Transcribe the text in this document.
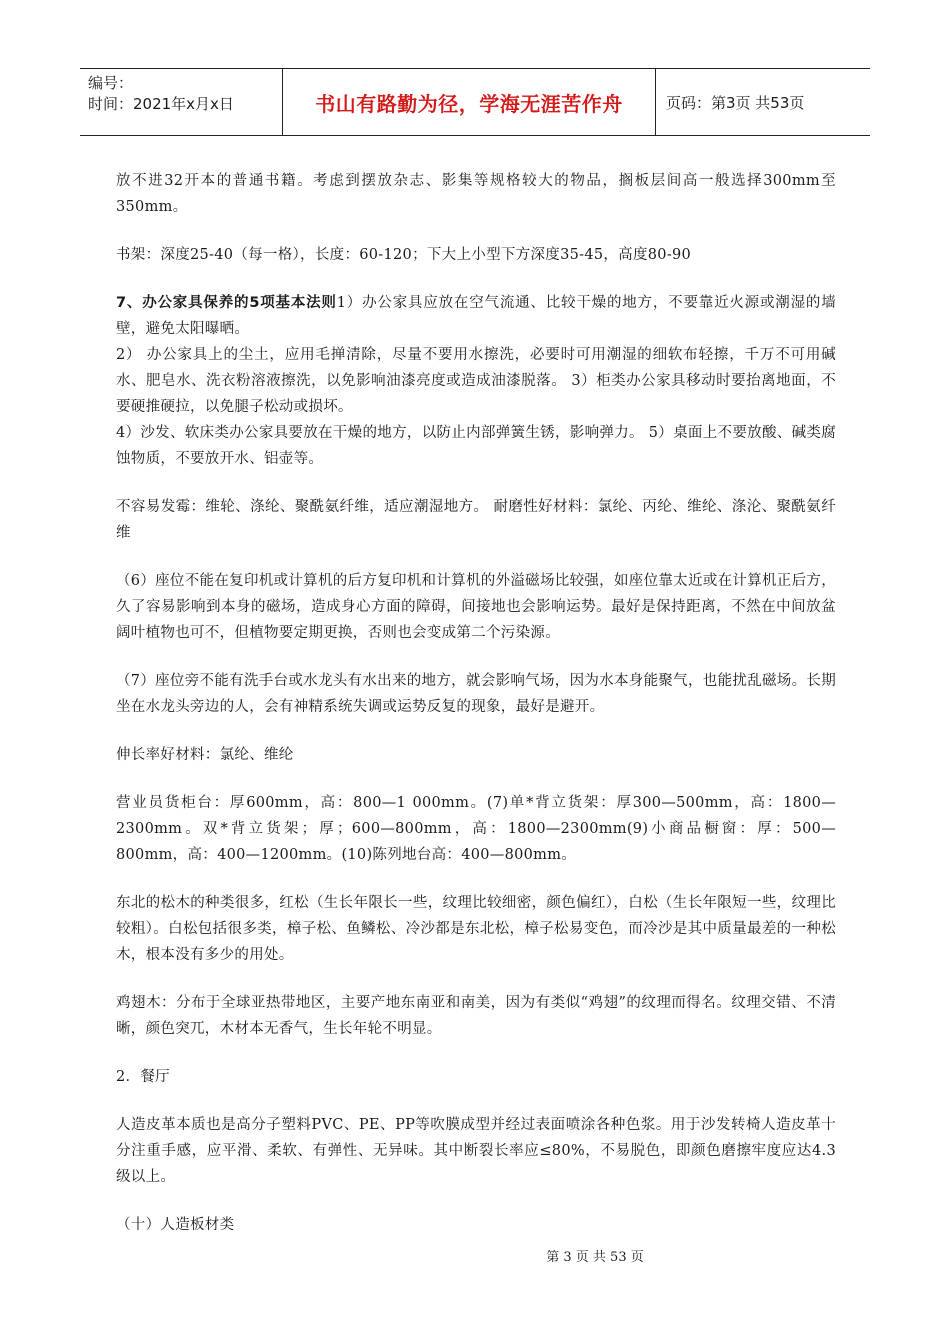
编号：
时间：2021年x月x日	书山有路勤为径，学海无涯苦作舟	页码：第3页 共53页

放不进32开本的普通书籍。考虑到摆放杂志、影集等规格较大的物品，搁板层间高一般选择300mm至350mm。

书架：深度25-40（每一格），长度：60-120；下大上小型下方深度35-45，高度80-90

7、办公家具保养的5项基本法则1）办公家具应放在空气流通、比较干燥的地方，不要靠近火源或潮湿的墙壁，避免太阳曝晒。

2） 办公家具上的尘土，应用毛掸清除，尽量不要用水擦洗，必要时可用潮湿的细软布轻擦，千万不可用碱水、肥皂水、洗衣粉溶液擦洗，以免影响油漆亮度或造成油漆脱落。 3）柜类办公家具移动时要抬离地面，不要硬推硬拉，以免腿子松动或损坏。

4）沙发、软床类办公家具要放在干燥的地方，以防止内部弹簧生锈，影响弹力。 5）桌面上不要放酸、碱类腐蚀物质，不要放开水、铝壶等。

不容易发霉：维轮、涤纶、聚酰氨纤维，适应潮湿地方。 耐磨性好材料：氯纶、丙纶、维纶、涤沦、聚酰氨纤维

（6）座位不能在复印机或计算机的后方复印机和计算机的外溢磁场比较强，如座位靠太近或在计算机正后方，久了容易影响到本身的磁场，造成身心方面的障碍，间接地也会影响运势。最好是保持距离，不然在中间放盆阔叶植物也可不，但植物要定期更换，否则也会变成第二个污染源。

（7）座位旁不能有洗手台或水龙头有水出来的地方，就会影响气场，因为水本身能聚气，也能扰乱磁场。长期坐在水龙头旁边的人，会有神精系统失调或运势反复的现象，最好是避开。

伸长率好材料：氯纶、维纶

营业员货柜台：厚600mm，高：800—1 000mm。(7)单*背立货架：厚300—500mm，高：1800—2300mm。双*背立货架；厚；600—800mm，高：1800—2300mm(9)小商品橱窗：厚：500—800mm，高：400—1200mm。(10)陈列地台高：400—800mm。

东北的松木的种类很多，红松（生长年限长一些，纹理比较细密，颜色偏红），白松（生长年限短一些，纹理比较粗）。白松包括很多类，樟子松、鱼鳞松、冷沙都是东北松，樟子松易变色，而冷沙是其中质量最差的一种松木，根本没有多少的用处。

鸡翅木：分布于全球亚热带地区，主要产地东南亚和南美，因为有类似“鸡翅”的纹理而得名。纹理交错、不清晰，颜色突兀，木材本无香气，生长年轮不明显。

2．餐厅

人造皮革本质也是高分子塑料PVC、PE、PP等吹膜成型并经过表面喷涂各种色浆。用于沙发转椅人造皮革十分注重手感，应平滑、柔软、有弹性、无异味。其中断裂长率应≤80%，不易脱色，即颜色磨擦牢度应达4.3级以上。

（十）人造板材类

第 3 页 共 53 页
